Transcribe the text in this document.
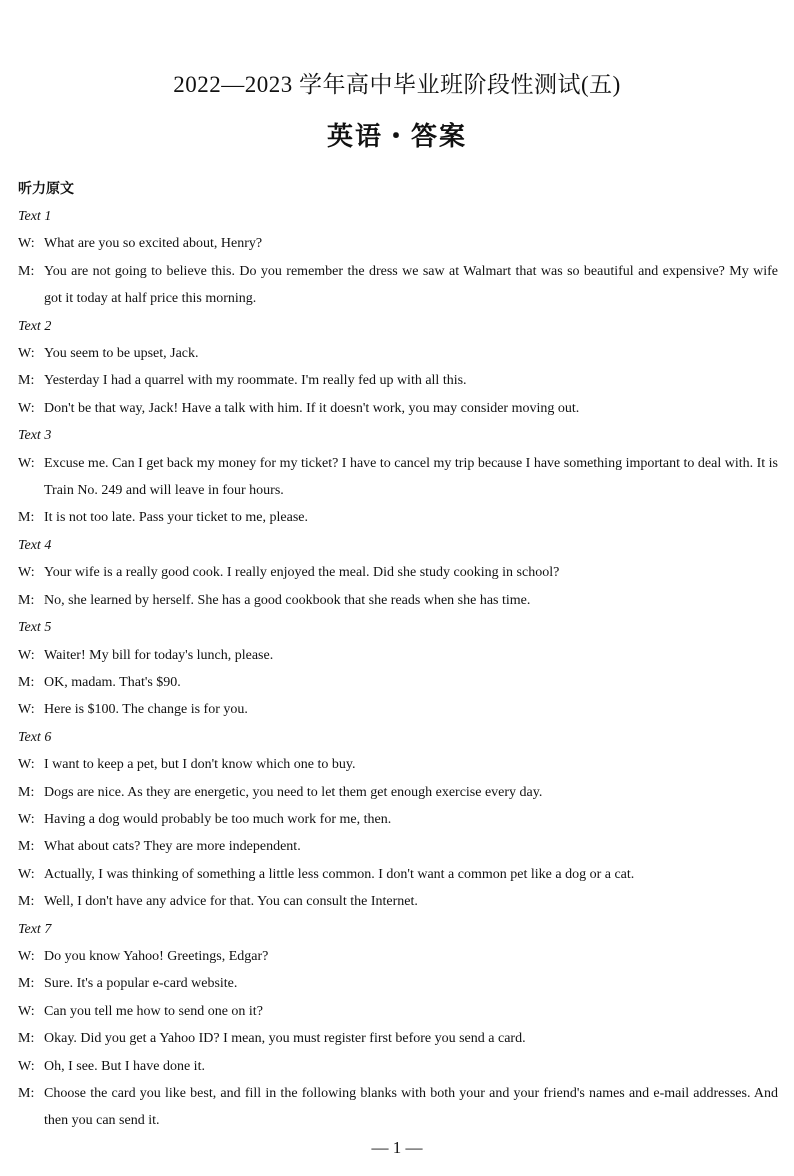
2022—2023 学年高中毕业班阶段性测试(五)
英语・答案
听力原文
Text 1
W: What are you so excited about, Henry?
M: You are not going to believe this. Do you remember the dress we saw at Walmart that was so beautiful and expensive? My wife got it today at half price this morning.
Text 2
W: You seem to be upset, Jack.
M: Yesterday I had a quarrel with my roommate. I'm really fed up with all this.
W: Don't be that way, Jack! Have a talk with him. If it doesn't work, you may consider moving out.
Text 3
W: Excuse me. Can I get back my money for my ticket? I have to cancel my trip because I have something important to deal with. It is Train No. 249 and will leave in four hours.
M: It is not too late. Pass your ticket to me, please.
Text 4
W: Your wife is a really good cook. I really enjoyed the meal. Did she study cooking in school?
M: No, she learned by herself. She has a good cookbook that she reads when she has time.
Text 5
W: Waiter! My bill for today's lunch, please.
M: OK, madam. That's $90.
W: Here is $100. The change is for you.
Text 6
W: I want to keep a pet, but I don't know which one to buy.
M: Dogs are nice. As they are energetic, you need to let them get enough exercise every day.
W: Having a dog would probably be too much work for me, then.
M: What about cats? They are more independent.
W: Actually, I was thinking of something a little less common. I don't want a common pet like a dog or a cat.
M: Well, I don't have any advice for that. You can consult the Internet.
Text 7
W: Do you know Yahoo! Greetings, Edgar?
M: Sure. It's a popular e-card website.
W: Can you tell me how to send one on it?
M: Okay. Did you get a Yahoo ID? I mean, you must register first before you send a card.
W: Oh, I see. But I have done it.
M: Choose the card you like best, and fill in the following blanks with both your and your friend's names and e-mail addresses. And then you can send it.
— 1 —
